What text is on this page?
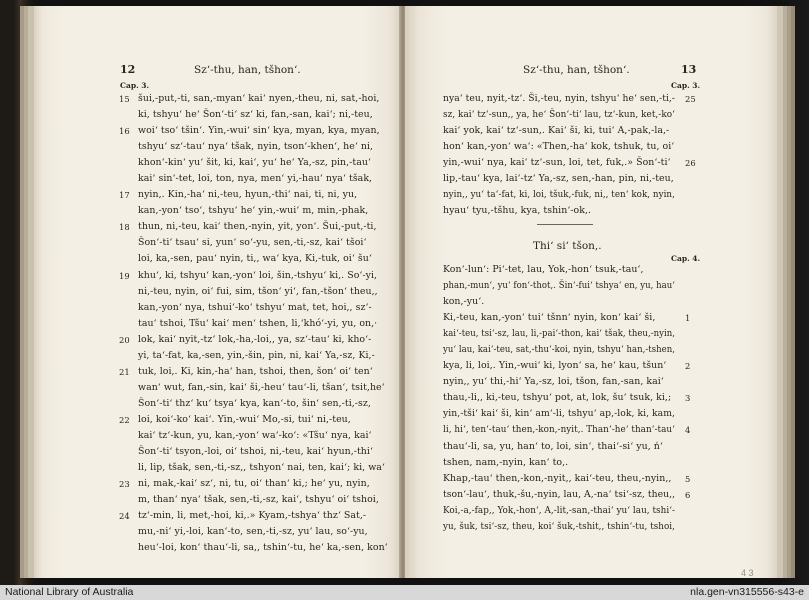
12	Sz‘-thu, han, tšhon‘.
Cap. 3.
15 šui,-put,-ti, san,-myan‘ kai‘ nyen,-theu, ni, sat,-hoi,
ki, tshyu‘ he‘ Šon‘-ti‘ sz‘ ki, fan,-san, kai‘; ni,-teu,
16 woi‘ tso‘ tšin‘. Yin,-wui‘ sin‘ kya, myan, kya, myan,
tshyu‘ sz‘-tau‘ nya‘ tšak, nyin, tson‘-khen‘, he‘ ni,
khon‘-kin‘ yu‘ šit, ki, kai‘, yu‘ he‘ Ya,-sz, pin,-tau‘
kai‘ sin‘-tet, loi, ton, nya, men‘ yi,-hau‘ nya‘ tšak,
17 nyin,. Kin,-ha‘ ni,-teu, hyun,-thi‘ nai, ti, ni, yu,
kan,-yon‘ tso‘, tshyu‘ he‘ yin,-wui‘ m, min,-phak,
18 thun, ni,-teu, kai‘ then,-nyin, yit, yon‘. Šui,-put,-ti,
Šon‘-ti‘ tsau‘ si, yun‘ so‘-yu, sen,-ti,-sz, kai‘ tšoi‘
loi, ka,-sen, pau‘ nyin, ti,, wa‘ kya, Ki,-tuk, oi‘ šu‘
19 khu‘, ki, tshyu‘ kan,-yon‘ loi, šin,-tshyu‘ ki,. So‘-yi,
ni,-teu, nyin, oi‘ fui, sim, tšon‘ yi‘, fan,-tšon‘ theu,,
kan,-yon‘ nya, tshui‘-ko‘ tshyu‘ mat, tet, hoi,, sz‘-
tau‘ tshoi, Tšu‘ kai‘ men‘ tshen, li,‘khó‘-yi, yu, on,·
20 lok, kai‘ nyit,-tz‘ lok,-ha,-loi,, ya, sz‘-tau‘ ki, kho‘-
yi, ta‘-fat, ka,-sen, yin,-šin, pin, ni, kai‘ Ya,-sz, Ki,-
21 tuk, loi,. Ki, kin,-ha‘ han, tshoi, then, šon‘ oi‘ ten‘
wan‘ wut, fan,-sin, kai‘ ši,-heu‘ tau‘-li, tšan‘, tsit,he‘
Šon‘-ti‘ thz‘ ku‘ tsya‘ kya, kan‘-to, šin‘ sen,-ti,-sz,
22 loi, koi‘-ko‘ kai‘. Yin,-wui‘ Mo,-si, tui‘ ni,-teu,
kai‘ tz‘-kun, yu, kan,-yon‘ wa‘-ko‘: «Tšu‘ nya, kai‘
Šon‘-ti‘ tsyon,-loi, oi‘ tshoi, ni,-teu, kai‘ hyun,-thi‘
li, lip, tšak, sen,-ti,-sz,, tshyon‘ nai, ten, kai‘; ki, wa‘
23 ni, mak,-kai‘ sz‘, ni, tu, oi‘ than‘ ki,; he‘ yu, nyin,
m, than‘ nya‘ tšak, sen,-ti,-sz, kai‘, tshyu‘ oi‘ tshoi,
24 tz‘-min, li, met,-hoi, ki,.» Kyam,-tshya‘ thz‘ Sat,-
mu,-ni‘ yi,-loi, kan‘-to, sen,-ti,-sz, yu‘ lau, so‘-yu,
heu‘-loi, kon‘ thau‘-li, sa,, tshin‘-tu, he‘ ka,-sen, kon‘
Sz‘-thu, han, tšhon‘.	13
Cap. 3.
25
nya‘ teu, nyit,-tz‘. Ši,-teu, nyin, tshyu‘ he‘ sen,-ti,-
sz, kai‘ tz‘-sun,, ya, he‘ Šon‘-ti‘ lau, tz‘-kun, ket,-ko‘
kai‘ yok, kai‘ tz‘-sun,. Kai‘ ši, ki, tui‘ A,-pak,-la,-
hon‘ kan,-yon‘ wa‘: «Then,-ha‘ kok, tshuk, tu, oi‘
26
yin,-wui‘ nya, kai‘ tz‘-sun, loi, tet, fuk,.» Šon‘-ti‘
lip,-tau‘ kya, lai‘-tz‘ Ya,-sz, sen,-han, pin, ni,-teu,
nyin,, yu‘ ta‘-fat, ki, loi, tšuk,-fuk, ni,, ten‘ kok, nyin,
hyau‘ tyu,-tšhu, kya, tshin‘-ok,.
Thi‘ si‘ tšon,.
Cap. 4.
Kon‘-lun‘: Pi‘-tet, lau, Yok,-hon‘ tsuk,-tau‘,
phan,-mun‘, yu‘ fon‘-thot,. Šin‘-fui‘ tshya‘ en, yu, hau‘
kon,-yu‘.
1
Ki,-teu, kan,-yon‘ tui‘ tšnn‘ nyin, kon‘ kai‘ ši,
kai‘-teu, tsi‘-sz, lau, li,-pai‘-thon, kai‘ tšak, theu,-nyin,
yu‘ lau, kai‘-teu, sat,-thu‘-koi, nyin, tshyu‘ han,-tshen,
2
kya, li, loi,. Yin,-wui‘ ki, lyon‘ sa, he‘ kau, tšun‘
nyin,, yu‘ thi,-hi‘ Ya,-sz, loi, tšon, fan,-san, kai‘
3
thau,-li,, ki,-teu, tshyu‘ pot, at, lok, šu‘ tsuk, ki,;
yin,-tši‘ kai‘ ši, kin‘ am‘-li, tshyu‘ ap,-lok, ki, kam,
4
li, hi‘, ten‘-tau‘ then,-kon,-nyit,. Than‘-he‘ than‘-tau‘
thau‘-li, sa, yu, han‘ to, loi, sin‘, thai‘-si‘ yu, ń‘
tshen, nam,-nyin, kan‘ to,.
5
Khap,-tau‘ then,-kon,-nyit,, kai‘-teu, theu,-nyin,,
6
tson‘-lau‘, thuk,-šu,-nyin, lau, A,-na‘ tsi‘-sz, theu,,
Koi,-a,-fap,, Yok,-hon‘, A,-lit,-san,-thai‘ yu‘ lau, tshi‘-
yu, šuk, tsi‘-sz, theu, koi‘ šuk,-tshit,, tshin‘-tu, tshoi,
4 3
National Library of Australia	nla.gen-vn315556-s43-e
